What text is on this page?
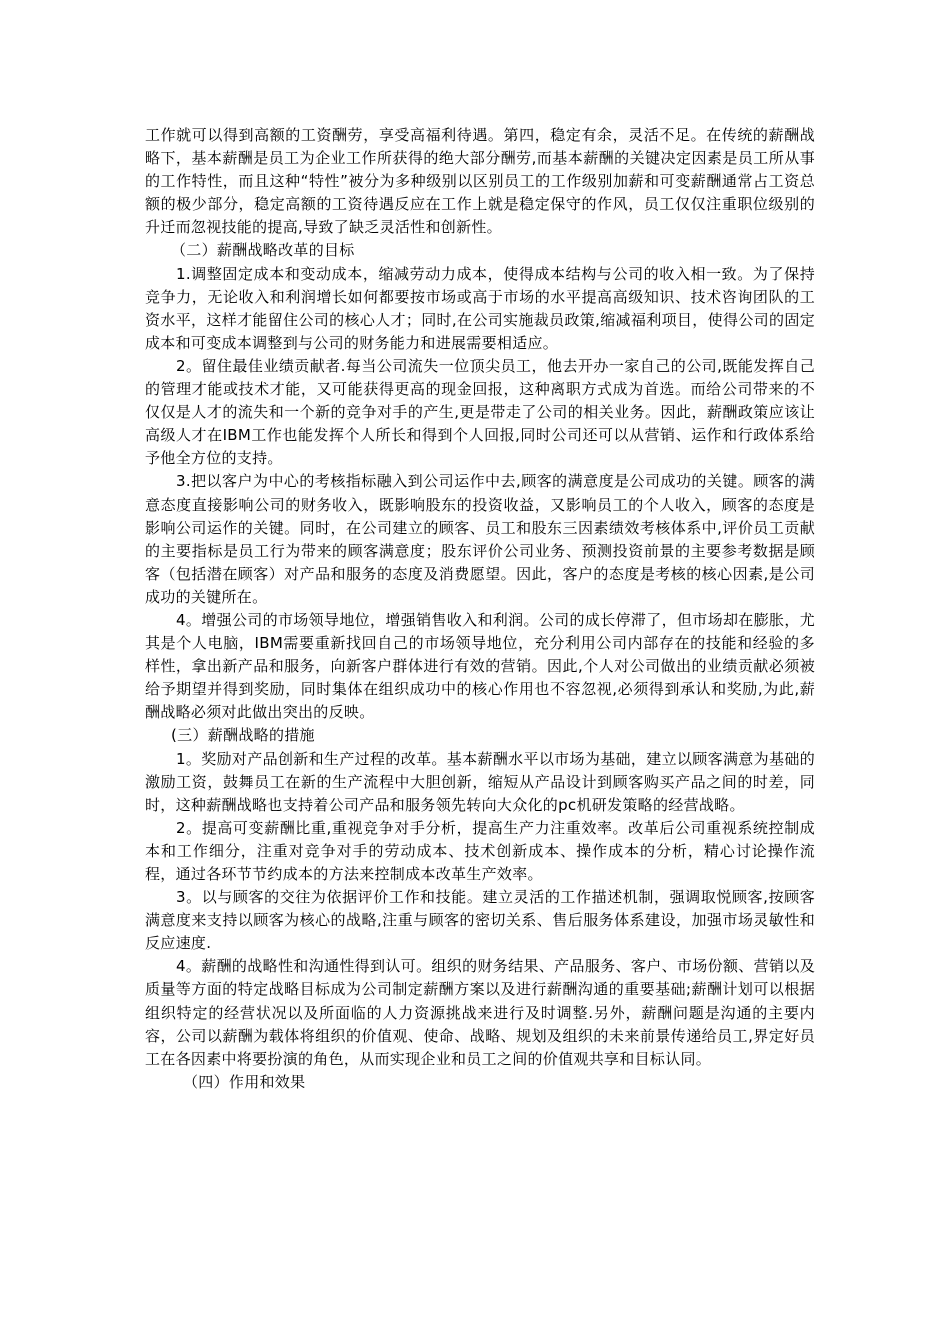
工作就可以得到高额的工资酬劳，享受高福利待遇。第四，稳定有余，灵活不足。在传统的薪酬战略下，基本薪酬是员工为企业工作所获得的绝大部分酬劳,而基本薪酬的关键决定因素是员工所从事的工作特性，而且这种“特性”被分为多种级别以区别员工的工作级别加薪和可变薪酬通常占工资总额的极少部分，稳定高额的工资待遇反应在工作上就是稳定保守的作风，员工仅仅注重职位级别的升迁而忽视技能的提高,导致了缺乏灵活性和创新性。

（二）薪酬战略改革的目标

1.调整固定成本和变动成本，缩减劳动力成本，使得成本结构与公司的收入相一致。为了保持竞争力，无论收入和利润增长如何都要按市场或高于市场的水平提高高级知识、技术咨询团队的工资水平，这样才能留住公司的核心人才；同时,在公司实施裁员政策,缩减福利项目，使得公司的固定成本和可变成本调整到与公司的财务能力和进展需要相适应。

2。留住最佳业绩贡献者.每当公司流失一位顶尖员工，他去开办一家自己的公司,既能发挥自己的管理才能或技术才能，又可能获得更高的现金回报，这种离职方式成为首选。而给公司带来的不仅仅是人才的流失和一个新的竞争对手的产生,更是带走了公司的相关业务。因此，薪酬政策应该让高级人才在IBM工作也能发挥个人所长和得到个人回报,同时公司还可以从营销、运作和行政体系给予他全方位的支持。

3.把以客户为中心的考核指标融入到公司运作中去,顾客的满意度是公司成功的关键。顾客的满意态度直接影响公司的财务收入，既影响股东的投资收益，又影响员工的个人收入，顾客的态度是影响公司运作的关键。同时，在公司建立的顾客、员工和股东三因素绩效考核体系中,评价员工贡献的主要指标是员工行为带来的顾客满意度；股东评价公司业务、预测投资前景的主要参考数据是顾客（包括潜在顾客）对产品和服务的态度及消费愿望。因此，客户的态度是考核的核心因素,是公司成功的关键所在。

4。增强公司的市场领导地位，增强销售收入和利润。公司的成长停滞了，但市场却在膨胀，尤其是个人电脑，IBM需要重新找回自己的市场领导地位，充分利用公司内部存在的技能和经验的多样性，拿出新产品和服务，向新客户群体进行有效的营销。因此,个人对公司做出的业绩贡献必须被给予期望并得到奖励，同时集体在组织成功中的核心作用也不容忽视,必须得到承认和奖励,为此,薪酬战略必须对此做出突出的反映。

(三）薪酬战略的措施

1。奖励对产品创新和生产过程的改革。基本薪酬水平以市场为基础，建立以顾客满意为基础的激励工资，鼓舞员工在新的生产流程中大胆创新，缩短从产品设计到顾客购买产品之间的时差，同时，这种薪酬战略也支持着公司产品和服务领先转向大众化的pc机研发策略的经营战略。

2。提高可变薪酬比重,重视竞争对手分析，提高生产力注重效率。改革后公司重视系统控制成本和工作细分，注重对竞争对手的劳动成本、技术创新成本、操作成本的分析，精心讨论操作流程，通过各环节节约成本的方法来控制成本改革生产效率。

3。以与顾客的交往为依据评价工作和技能。建立灵活的工作描述机制，强调取悦顾客,按顾客满意度来支持以顾客为核心的战略,注重与顾客的密切关系、售后服务体系建设，加强市场灵敏性和反应速度.

4。薪酬的战略性和沟通性得到认可。组织的财务结果、产品服务、客户、市场份额、营销以及质量等方面的特定战略目标成为公司制定薪酬方案以及进行薪酬沟通的重要基础;薪酬计划可以根据组织特定的经营状况以及所面临的人力资源挑战来进行及时调整.另外，薪酬问题是沟通的主要内容，公司以薪酬为载体将组织的价值观、使命、战略、规划及组织的未来前景传递给员工,界定好员工在各因素中将要扮演的角色，从而实现企业和员工之间的价值观共享和目标认同。

（四）作用和效果
